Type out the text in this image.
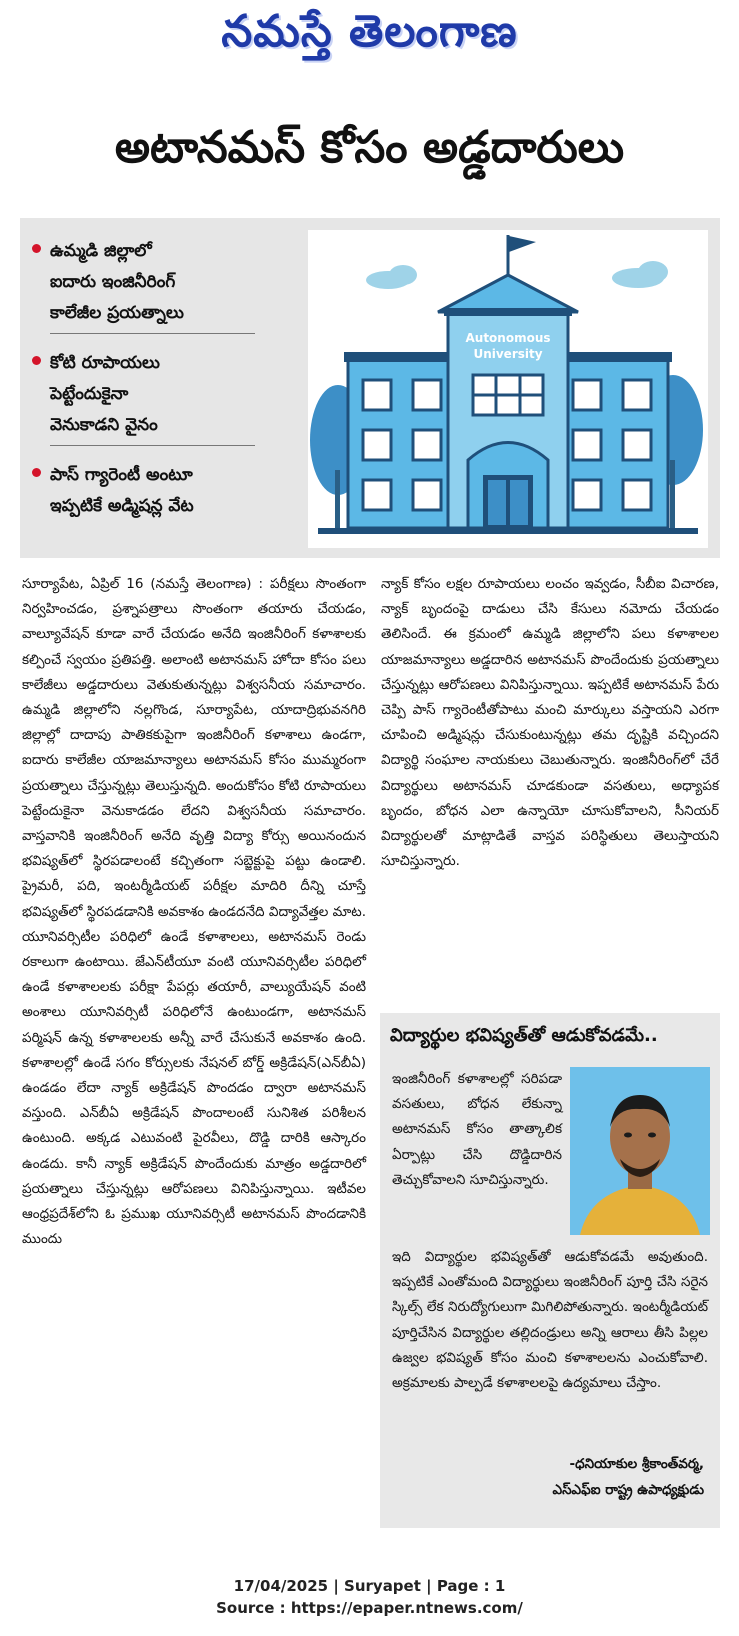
నమస్తే తెలంగాణ
అటానమస్ కోసం అడ్డదారులు
ఉమ్మడి జిల్లాలో
ఐదారు ఇంజినీరింగ్
కాలేజీల ప్రయత్నాలు
కోటి రూపాయలు
పెట్టేందుకైనా
వెనుకాడని వైనం
పాస్ గ్యారెంటీ అంటూ
ఇప్పటికే అడ్మిషన్ల వేట
Autonomous
University
సూర్యాపేట, ఏప్రిల్ 16 (నమస్తే తెలంగాణ) : పరీక్షలు సొంతంగా నిర్వహించడం, ప్రశ్నాపత్రాలు సొంతంగా తయారు చేయడం, వాల్యూవేషన్ కూడా వారే చేయడం అనేది ఇంజినీరింగ్ కళాశాలకు కల్పించే స్వయం ప్రతిపత్తి. అలాంటి అటానమస్ హోదా కోసం పలు కాలేజీలు అడ్డదారులు వెతుకుతున్నట్లు విశ్వసనీయ సమాచారం. ఉమ్మడి జిల్లాలోని నల్లగొండ, సూర్యాపేట, యాదాద్రిభువనగిరి జిల్లాల్లో దాదాపు పాతికకుపైగా ఇంజినీరింగ్ కళాశాలు ఉండగా, ఐదారు కాలేజీల యాజమాన్యాలు అటానమస్ కోసం ముమ్మరంగా ప్రయత్నాలు చేస్తున్నట్లు తెలుస్తున్నది. అందుకోసం కోటి రూపాయలు పెట్టేందుకైనా వెనుకాడడం లేదని విశ్వసనీయ సమాచారం. వాస్తవానికి ఇంజినీరింగ్ అనేది వృత్తి విద్యా కోర్సు అయినందున భవిష్యత్‌లో స్థిరపడాలంటే కచ్చితంగా సబ్జెక్టుపై పట్టు ఉండాలి. ప్రైమరీ, పది, ఇంటర్మీడియట్ పరీక్షల మాదిరి దీన్ని చూస్తే భవిష్యత్‌లో స్థిరపడడానికి అవకాశం ఉండదనేది విద్యావేత్తల మాట. యూనివర్సిటీల పరిధిలో ఉండే కళాశాలలు, అటానమస్ రెండు రకాలుగా ఉంటాయి. జేఎన్‌టీయూ వంటి యూనివర్సిటీల పరిధిలో ఉండే కళాశాలలకు పరీక్షా పేపర్లు తయారీ, వాల్యుయేషన్ వంటి అంశాలు యూనివర్సిటీ పరిధిలోనే ఉంటుండగా, అటానమస్ పర్మిషన్ ఉన్న కళాశాలలకు అన్నీ వారే చేసుకునే అవకాశం ఉంది. కళాశాలల్లో ఉండే సగం కోర్సులకు నేషనల్ బోర్డ్ అక్రిడేషన్(ఎన్‌బీఏ) ఉండడం లేదా న్యాక్ అక్రిడేషన్ పొందడం ద్వారా అటానమస్ వస్తుంది. ఎన్‌బీఏ అక్రిడేషన్ పొందాలంటే సునిశిత పరిశీలన ఉంటుంది. అక్కడ ఎటువంటి పైరవీలు, దొడ్డి దారికి ఆస్కారం ఉండదు. కానీ న్యాక్ అక్రిడేషన్ పొందేందుకు మాత్రం అడ్డదారిలో ప్రయత్నాలు చేస్తున్నట్లు ఆరోపణలు వినిపిస్తున్నాయి. ఇటీవల ఆంధ్రప్రదేశ్‌లోని ఓ ప్రముఖ యూనివర్సిటీ అటానమస్ పొందడానికి ముందు
న్యాక్ కోసం లక్షల రూపాయలు లంచం ఇవ్వడం, సీబీఐ విచారణ, న్యాక్ బృందంపై దాడులు చేసి కేసులు నమోదు చేయడం తెలిసిందే. ఈ క్రమంలో ఉమ్మడి జిల్లాలోని పలు కళాశాలల యాజమాన్యాలు అడ్డదారిన అటానమస్ పొందేందుకు ప్రయత్నాలు చేస్తున్నట్లు ఆరోపణలు వినిపిస్తున్నాయి. ఇప్పటికే అటానమస్ పేరు చెప్పి పాస్ గ్యారెంటీతోపాటు మంచి మార్కులు వస్తాయని ఎరగా చూపించి అడ్మిషన్లు చేసుకుంటున్నట్లు తమ దృష్టికి వచ్చిందని విద్యార్థి సంఘాల నాయకులు చెబుతున్నారు. ఇంజినీరింగ్‌లో చేరే విద్యార్థులు అటానమస్ చూడకుండా వసతులు, అధ్యాపక బృందం, బోధన ఎలా ఉన్నాయో చూసుకోవాలని, సీనియర్ విద్యార్థులతో మాట్లాడితే వాస్తవ పరిస్థితులు తెలుస్తాయని సూచిస్తున్నారు.
విద్యార్థుల భవిష్యత్‌తో ఆడుకోవడమే..
ఇంజినీరింగ్ కళాశాలల్లో సరిపడా వసతులు, బోధన లేకున్నా అటానమస్ కోసం తాత్కాలిక ఏర్పాట్లు చేసి దొడ్డిదారిన తెచ్చుకోవాలని సూచిస్తున్నారు.
ఇది విద్యార్థుల భవిష్యత్‌తో ఆడుకోవడమే అవుతుంది. ఇప్పటికే ఎంతోమంది విద్యార్థులు ఇంజినీరింగ్ పూర్తి చేసి సరైన స్కిల్స్ లేక నిరుద్యోగులుగా మిగిలిపోతున్నారు. ఇంటర్మీడియట్ పూర్తిచేసిన విద్యార్థుల తల్లిదండ్రులు అన్ని ఆరాలు తీసి పిల్లల ఉజ్వల భవిష్యత్ కోసం మంచి కళాశాలలను ఎంచుకోవాలి. అక్రమాలకు పాల్పడే కళాశాలలపై ఉద్యమాలు చేస్తాం.
-ధనియాకుల శ్రీకాంత్‌వర్మ,
ఎస్‌ఎఫ్‌ఐ రాష్ట్ర ఉపాధ్యక్షుడు
17/04/2025 | Suryapet | Page : 1
Source : https://epaper.ntnews.com/
